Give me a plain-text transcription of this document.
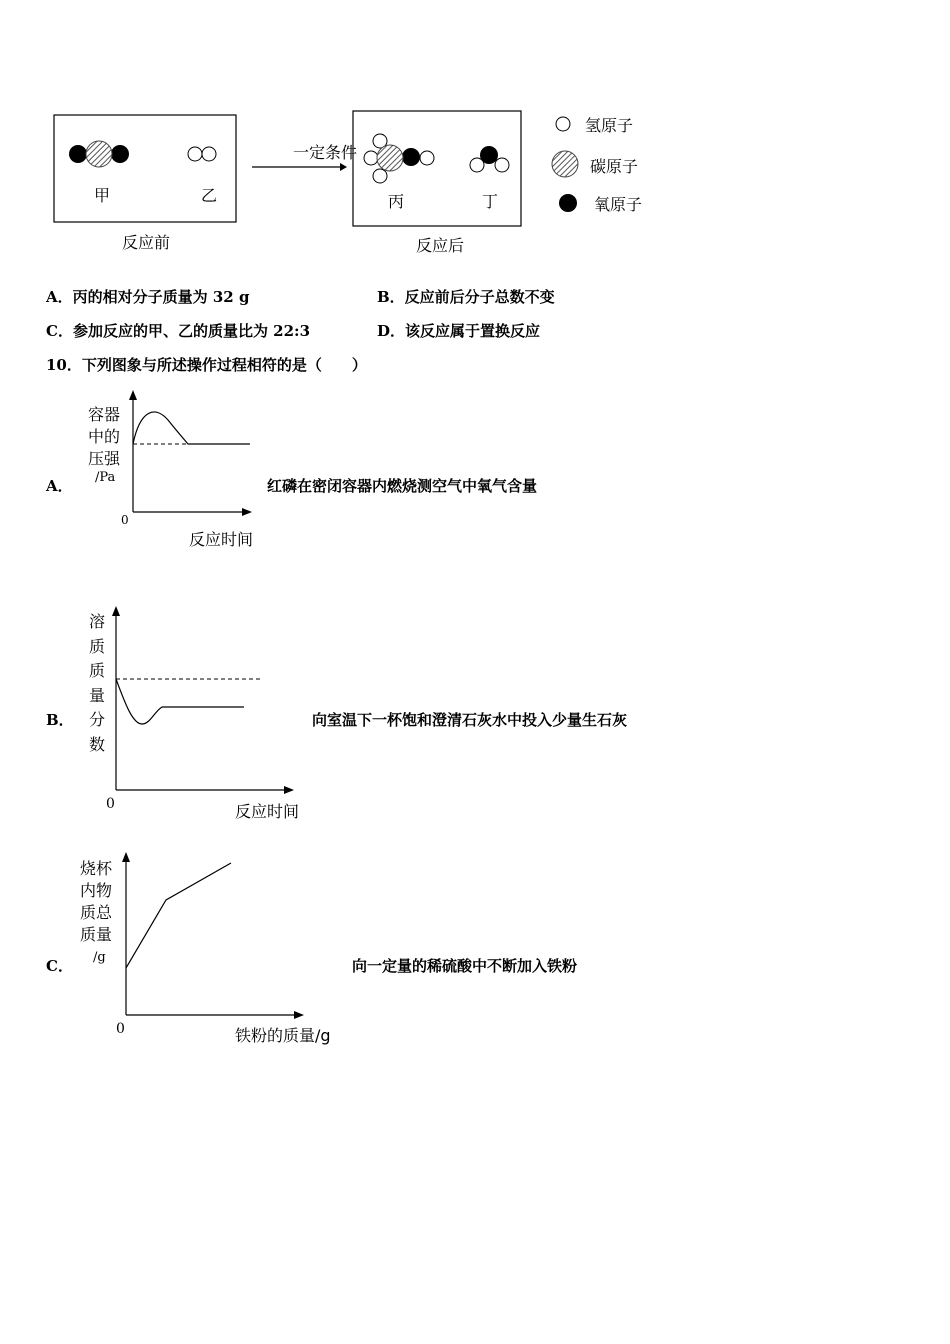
一定条件
甲	乙	丙	丁
反应前	反应后
氢原子
碳原子
氧原子
A．丙的相对分子质量为 32 g	B．反应前后分子总数不变
C．参加反应的甲、乙的质量比为 22:3	D．该反应属于置换反应
10．下列图象与所述操作过程相符的是（　　）
A．
容器
中的
压强
/Pa
0
反应时间
红磷在密闭容器内燃烧测空气中氧气含量
B．
溶
质
质
量
分
数
0	反应时间
向室温下一杯饱和澄清石灰水中投入少量生石灰
C．
烧杯
内物
质总
质量
/g
0	铁粉的质量/g
向一定量的稀硫酸中不断加入铁粉
